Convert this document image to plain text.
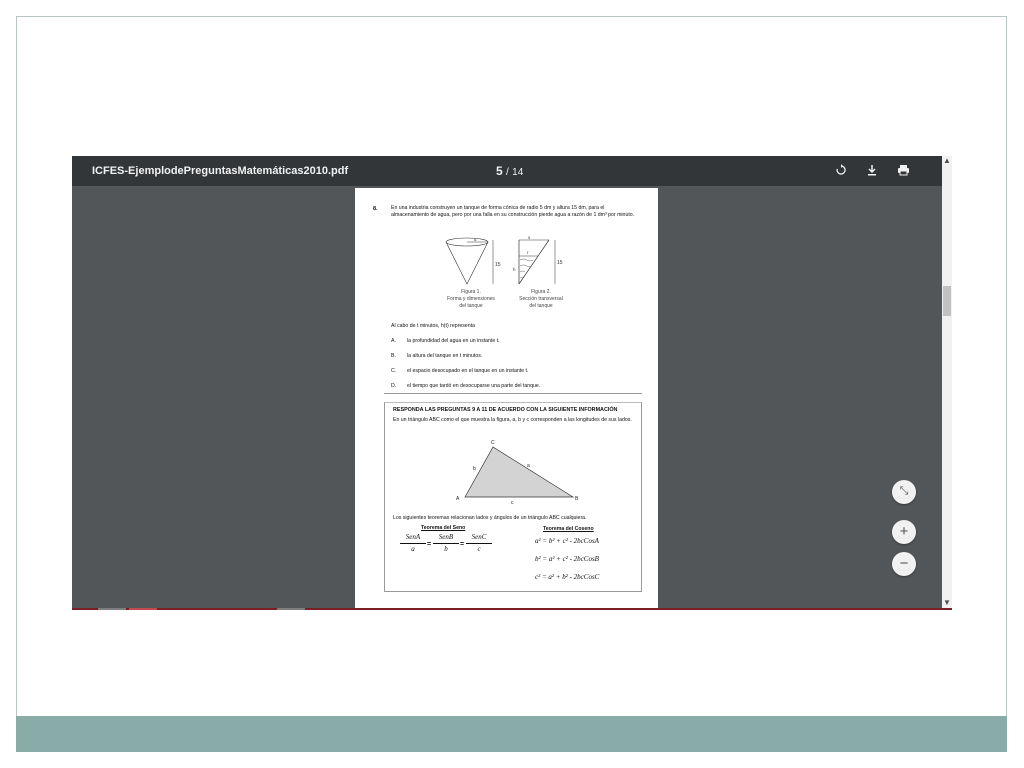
ICFES-EjemplodePreguntasMatemáticas2010.pdf	5 / 14
8.	En una industria construyen un tanque de forma cónica de radio 5 dm y altura 15 dm, para el almacenamiento de agua, pero por una falla en su construcción pierde agua a razón de 1 dm³ por minuto.
5
15
Figura 1.
Forma y dimensiones
del tanque
5
r
h
15
Figura 2.
Sección transversal
del tanque
Al cabo de t minutos, h(t) representa
A. la profundidad del agua en un instante t.
B. la altura del tanque en t minutos.
C. el espacio desocupado en el tanque en un instante t.
D. el tiempo que tardó en desocuparse una parte del tanque.
RESPONDA LAS PREGUNTAS 9 A 11 DE ACUERDO CON LA SIGUIENTE INFORMACIÓN
En un triángulo ABC como el que muestra la figura, a, b y c corresponden a las longitudes de sus lados.
C
A	B
b	a
c
Los siguientes teoremas relacionan lados y ángulos de un triángulo ABC cualquiera.
Teorema del Seno	Teorema del Coseno
SenA
a
=
SenB
b
=
SenC
c
a² = b² + c² - 2bcCosA
b² = a² + c² - 2bcCosB
c² = a² + b² - 2bcCosC
▲
▼
⤡
+
−
